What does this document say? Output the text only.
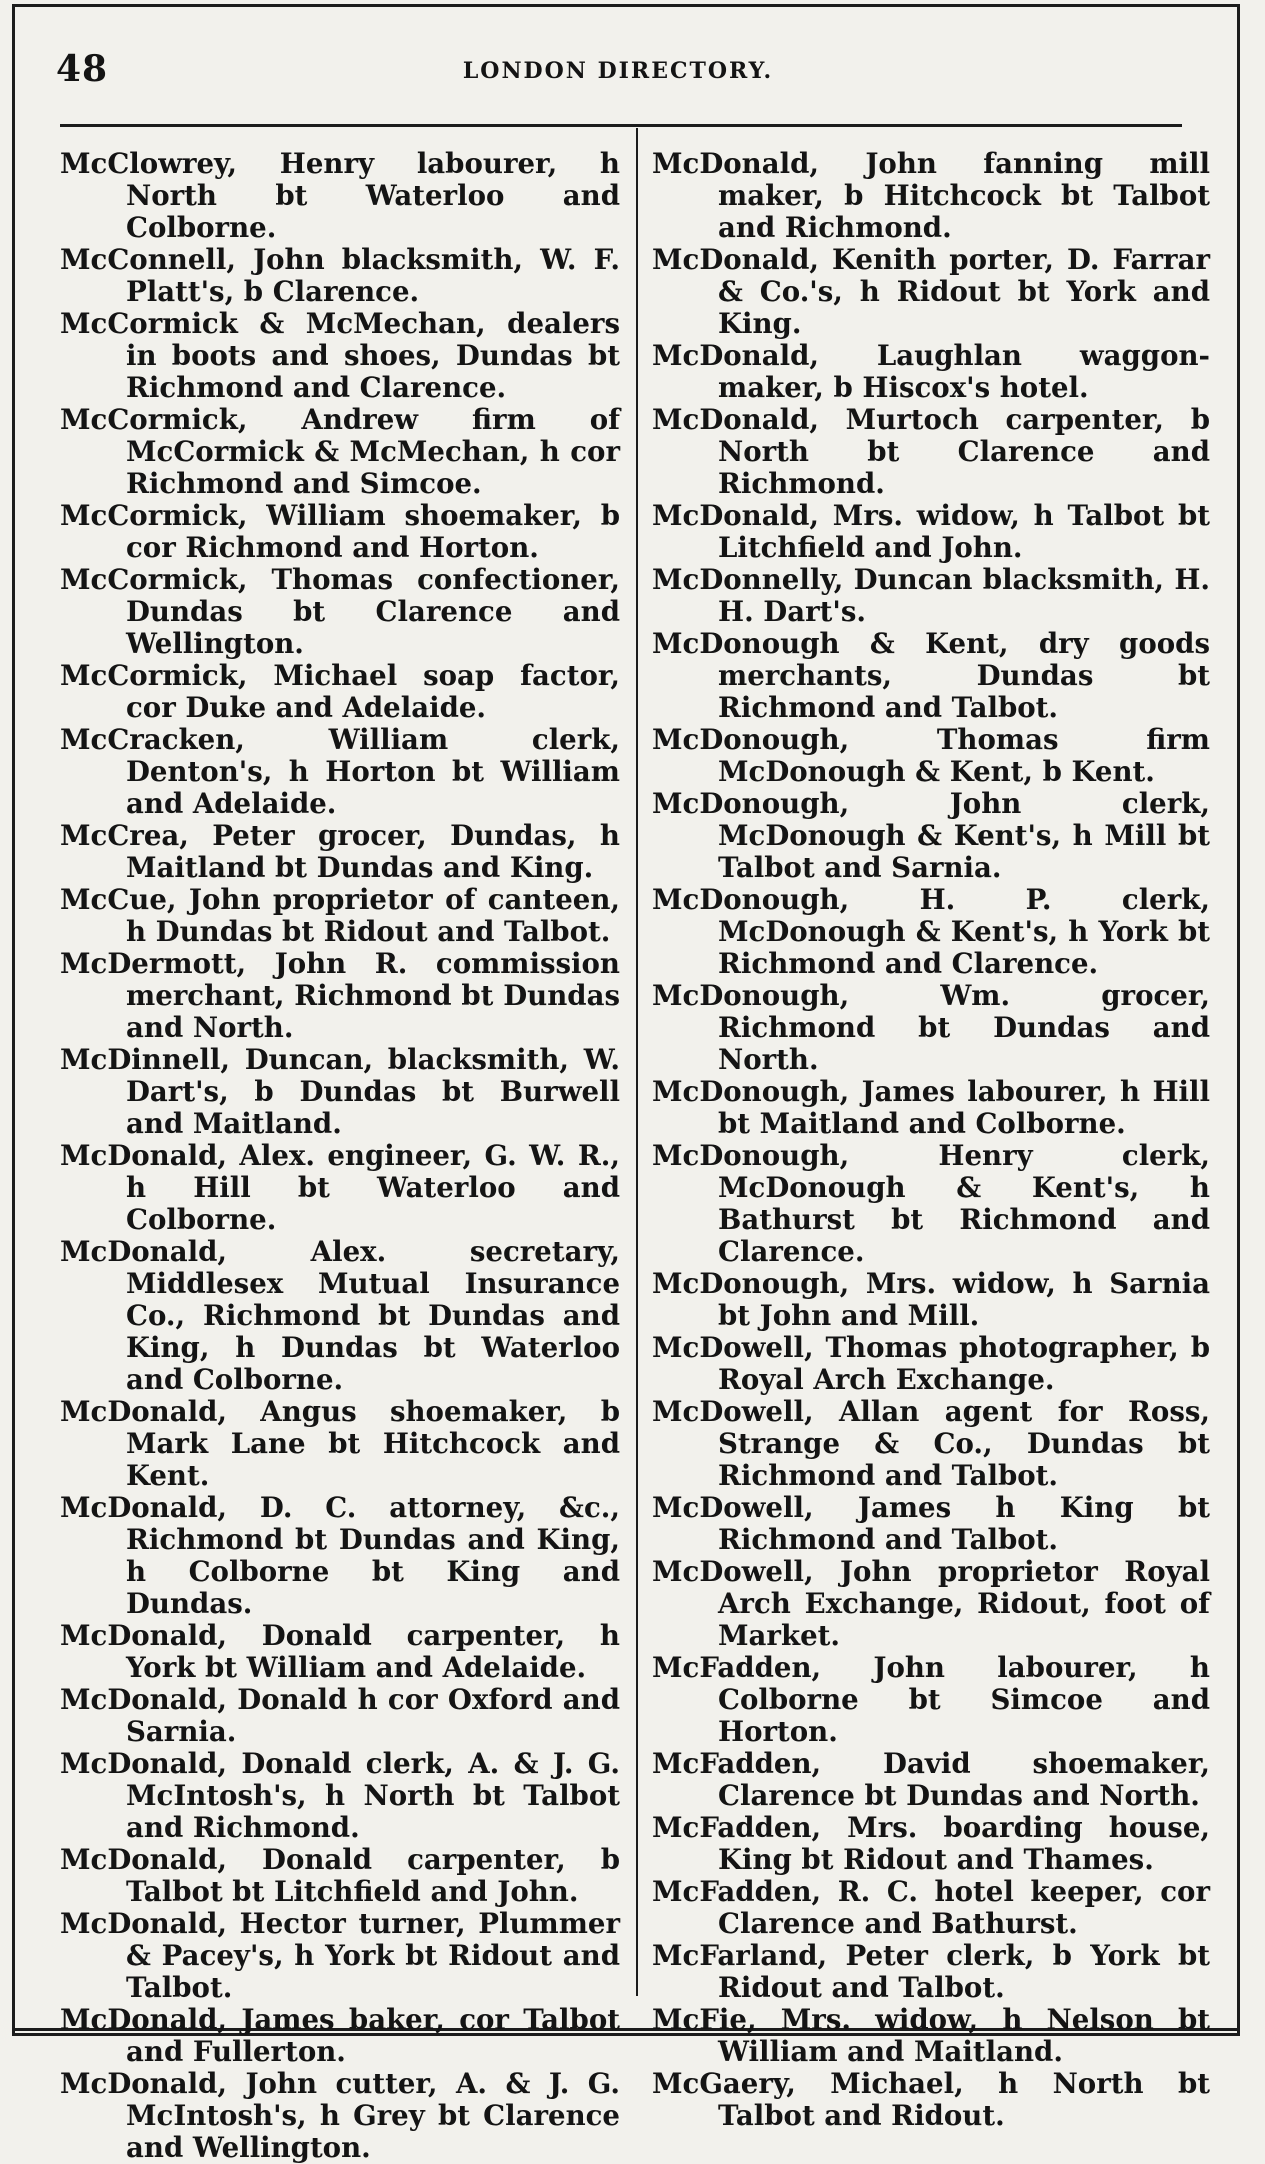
48	LONDON DIRECTORY.

McClowrey, Henry labourer, h North bt Waterloo and Colborne.

McConnell, John blacksmith, W. F. Platt's, b Clarence.

McCormick & McMechan, dealers in boots and shoes, Dundas bt Richmond and Clarence.

McCormick, Andrew firm of McCormick & McMechan, h cor Richmond and Simcoe.

McCormick, William shoemaker, b cor Richmond and Horton.

McCormick, Thomas confectioner, Dundas bt Clarence and Wellington.

McCormick, Michael soap factor, cor Duke and Adelaide.

McCracken, William clerk, Denton's, h Horton bt William and Adelaide.

McCrea, Peter grocer, Dundas, h Maitland bt Dundas and King.

McCue, John proprietor of canteen, h Dundas bt Ridout and Talbot.

McDermott, John R. commission merchant, Richmond bt Dundas and North.

McDinnell, Duncan, blacksmith, W. Dart's, b Dundas bt Burwell and Maitland.

McDonald, Alex. engineer, G. W. R., h Hill bt Waterloo and Colborne.

McDonald, Alex. secretary, Middlesex Mutual Insurance Co., Richmond bt Dundas and King, h Dundas bt Waterloo and Colborne.

McDonald, Angus shoemaker, b Mark Lane bt Hitchcock and Kent.

McDonald, D. C. attorney, &c., Richmond bt Dundas and King, h Colborne bt King and Dundas.

McDonald, Donald carpenter, h York bt William and Adelaide.

McDonald, Donald h cor Oxford and Sarnia.

McDonald, Donald clerk, A. & J. G. McIntosh's, h North bt Talbot and Richmond.

McDonald, Donald carpenter, b Talbot bt Litchfield and John.

McDonald, Hector turner, Plummer & Pacey's, h York bt Ridout and Talbot.

McDonald, James baker, cor Talbot and Fullerton.

McDonald, John cutter, A. & J. G. McIntosh's, h Grey bt Clarence and Wellington.

McDonald, John fanning mill maker, b Hitchcock bt Talbot and Richmond.

McDonald, Kenith porter, D. Farrar & Co.'s, h Ridout bt York and King.

McDonald, Laughlan waggon-maker, b Hiscox's hotel.

McDonald, Murtoch carpenter, b North bt Clarence and Richmond.

McDonald, Mrs. widow, h Talbot bt Litchfield and John.

McDonnelly, Duncan blacksmith, H. H. Dart's.

McDonough & Kent, dry goods merchants, Dundas bt Richmond and Talbot.

McDonough, Thomas firm McDonough & Kent, b Kent.

McDonough, John clerk, McDonough & Kent's, h Mill bt Talbot and Sarnia.

McDonough, H. P. clerk, McDonough & Kent's, h York bt Richmond and Clarence.

McDonough, Wm. grocer, Richmond bt Dundas and North.

McDonough, James labourer, h Hill bt Maitland and Colborne.

McDonough, Henry clerk, McDonough & Kent's, h Bathurst bt Richmond and Clarence.

McDonough, Mrs. widow, h Sarnia bt John and Mill.

McDowell, Thomas photographer, b Royal Arch Exchange.

McDowell, Allan agent for Ross, Strange & Co., Dundas bt Richmond and Talbot.

McDowell, James h King bt Richmond and Talbot.

McDowell, John proprietor Royal Arch Exchange, Ridout, foot of Market.

McFadden, John labourer, h Colborne bt Simcoe and Horton.

McFadden, David shoemaker, Clarence bt Dundas and North.

McFadden, Mrs. boarding house, King bt Ridout and Thames.

McFadden, R. C. hotel keeper, cor Clarence and Bathurst.

McFarland, Peter clerk, b York bt Ridout and Talbot.

McFie, Mrs. widow, h Nelson bt William and Maitland.

McGaery, Michael, h North bt Talbot and Ridout.
